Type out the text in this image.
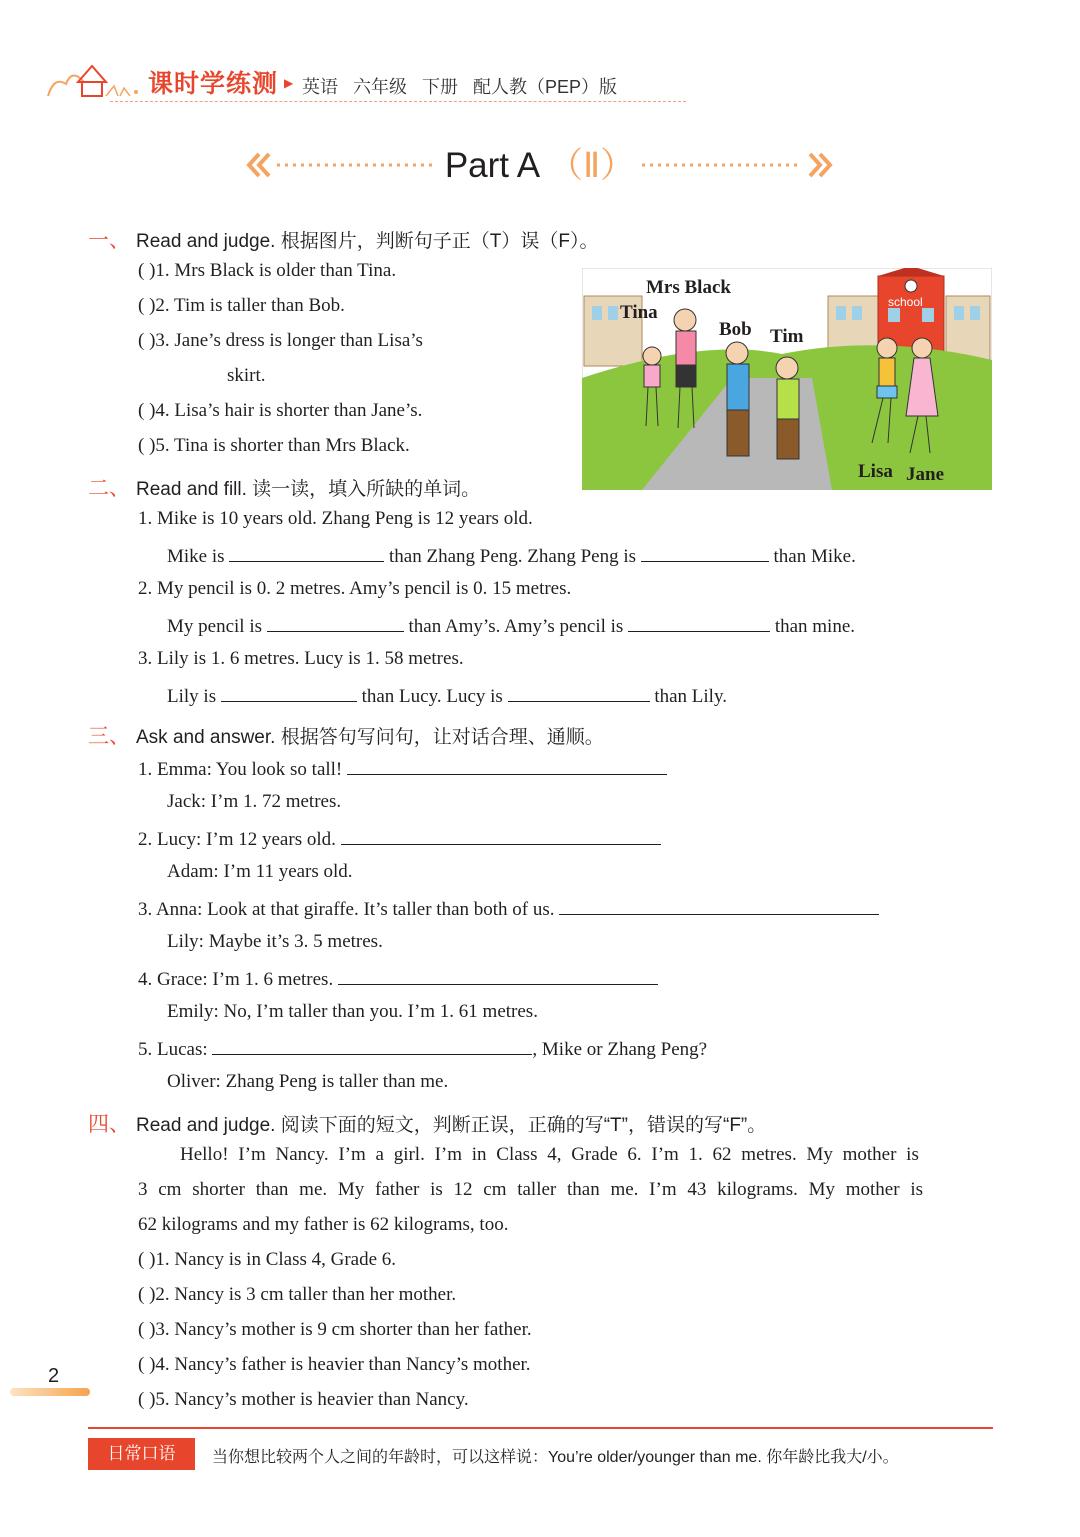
课时学练测 ▶ 英语 六年级 下册 配人教（PEP）版
Part A （Ⅱ）
一、 Read and judge. 根据图片，判断句子正（T）误（F）。
( )1. Mrs Black is older than Tina.
( )2. Tim is taller than Bob.
( )3. Jane’s dress is longer than Lisa’s
skirt.
( )4. Lisa’s hair is shorter than Jane’s.
( )5. Tina is shorter than Mrs Black.
Mrs Black
Tina
Bob Tim
school
Lisa Jane
二、 Read and fill. 读一读，填入所缺的单词。
1. Mike is 10 years old. Zhang Peng is 12 years old.
Mike is	than Zhang Peng. Zhang Peng is	than Mike.
2. My pencil is 0. 2 metres. Amy’s pencil is 0. 15 metres.
My pencil is	than Amy’s. Amy’s pencil is	than mine.
3. Lily is 1. 6 metres. Lucy is 1. 58 metres.
Lily is	than Lucy. Lucy is	than Lily.
三、 Ask and answer. 根据答句写问句，让对话合理、通顺。
1. Emma: You look so tall!
Jack: I’m 1. 72 metres.
2. Lucy: I’m 12 years old.
Adam: I’m 11 years old.
3. Anna: Look at that giraffe. It’s taller than both of us.
Lily: Maybe it’s 3. 5 metres.
4. Grace: I’m 1. 6 metres.
Emily: No, I’m taller than you. I’m 1. 61 metres.
5. Lucas:	, Mike or Zhang Peng?
Oliver: Zhang Peng is taller than me.
四、 Read and judge. 阅读下面的短文，判断正误，正确的写“T”，错误的写“F”。
Hello! I’m Nancy. I’m a girl. I’m in Class 4, Grade 6. I’m 1. 62 metres. My mother is
3 cm shorter than me. My father is 12 cm taller than me. I’m 43 kilograms. My mother is
62 kilograms and my father is 62 kilograms, too.
( )1. Nancy is in Class 4, Grade 6.
( )2. Nancy is 3 cm taller than her mother.
( )3. Nancy’s mother is 9 cm shorter than her father.
( )4. Nancy’s father is heavier than Nancy’s mother.
( )5. Nancy’s mother is heavier than Nancy.
2
日常口语	当你想比较两个人之间的年龄时，可以这样说：You’re older/younger than me. 你年龄比我大/小。
